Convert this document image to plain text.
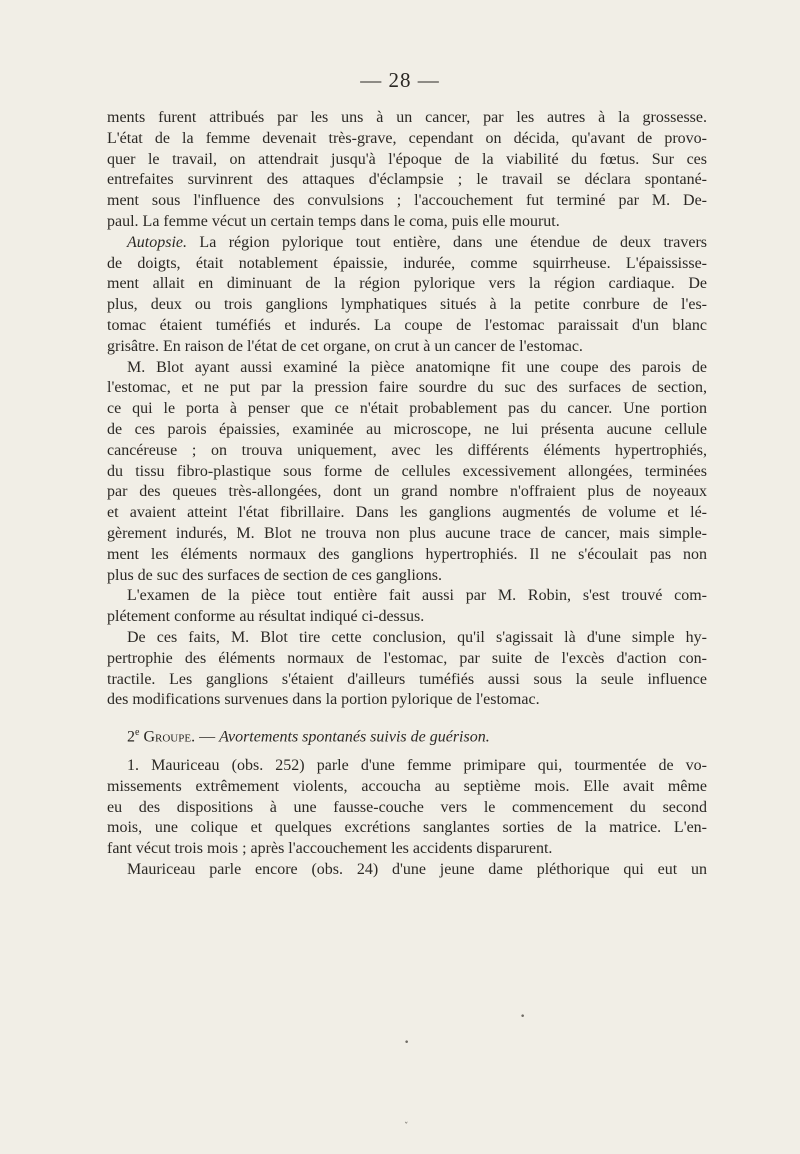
— 28 —
ments furent attribués par les uns à un cancer, par les autres à la grossesse.
L'état de la femme devenait très-grave, cependant on décida, qu'avant de provo-
quer le travail, on attendrait jusqu'à l'époque de la viabilité du fœtus. Sur ces
entrefaites survinrent des attaques d'éclampsie ; le travail se déclara spontané-
ment sous l'influence des convulsions ; l'accouchement fut terminé par M. De-
paul. La femme vécut un certain temps dans le coma, puis elle mourut.
Autopsie. La région pylorique tout entière, dans une étendue de deux travers
de doigts, était notablement épaissie, indurée, comme squirrheuse. L'épaississe-
ment allait en diminuant de la région pylorique vers la région cardiaque. De
plus, deux ou trois ganglions lymphatiques situés à la petite conrbure de l'es-
tomac étaient tuméfiés et indurés. La coupe de l'estomac paraissait d'un blanc
grisâtre. En raison de l'état de cet organe, on crut à un cancer de l'estomac.
M. Blot ayant aussi examiné la pièce anatomiqne fit une coupe des parois de
l'estomac, et ne put par la pression faire sourdre du suc des surfaces de section,
ce qui le porta à penser que ce n'était probablement pas du cancer. Une portion
de ces parois épaissies, examinée au microscope, ne lui présenta aucune cellule
cancéreuse ; on trouva uniquement, avec les différents éléments hypertrophiés,
du tissu fibro-plastique sous forme de cellules excessivement allongées, terminées
par des queues très-allongées, dont un grand nombre n'offraient plus de noyeaux
et avaient atteint l'état fibrillaire. Dans les ganglions augmentés de volume et lé-
gèrement indurés, M. Blot ne trouva non plus aucune trace de cancer, mais simple-
ment les éléments normaux des ganglions hypertrophiés. Il ne s'écoulait pas non
plus de suc des surfaces de section de ces ganglions.
L'examen de la pièce tout entière fait aussi par M. Robin, s'est trouvé com-
plétement conforme au résultat indiqué ci-dessus.
De ces faits, M. Blot tire cette conclusion, qu'il s'agissait là d'une simple hy-
pertrophie des éléments normaux de l'estomac, par suite de l'excès d'action con-
tractile. Les ganglions s'étaient d'ailleurs tuméfiés aussi sous la seule influence
des modifications survenues dans la portion pylorique de l'estomac.
2e Groupe. — Avortements spontanés suivis de guérison.
1. Mauriceau (obs. 252) parle d'une femme primipare qui, tourmentée de vo-
missements extrêmement violents, accoucha au septième mois. Elle avait même
eu des dispositions à une fausse-couche vers le commencement du second
mois, une colique et quelques excrétions sanglantes sorties de la matrice. L'en-
fant vécut trois mois ; après l'accouchement les accidents disparurent.
Mauriceau parle encore (obs. 24) d'une jeune dame pléthorique qui eut un
•
•
ˇ
